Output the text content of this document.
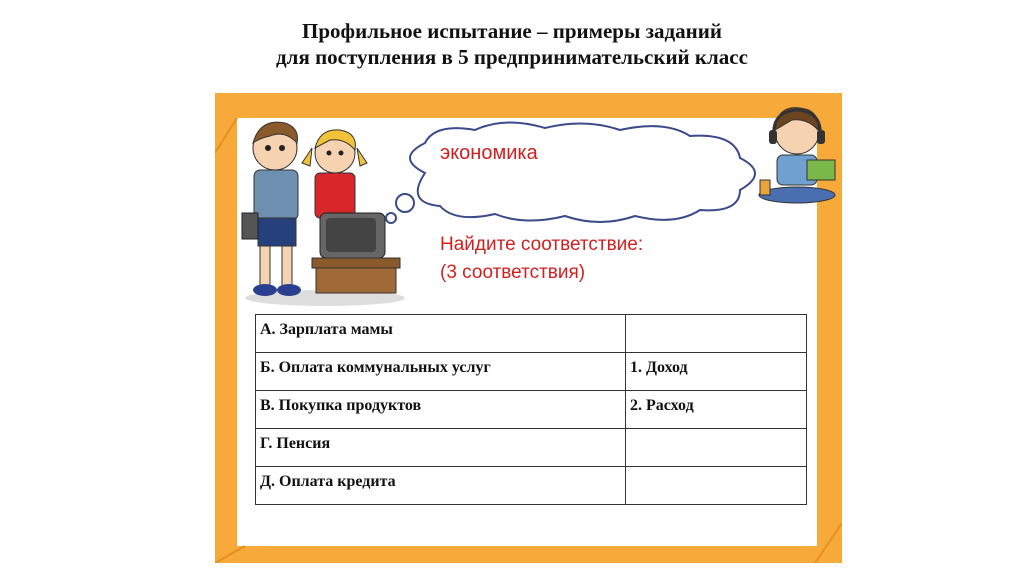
Профильное испытание – примеры заданий
для поступления в 5 предпринимательский класс
экономика
Найдите соответствие: (3 соответствия)
А. Зарплата мамы	
Б. Оплата коммунальных услуг	1. Доход
В. Покупка продуктов	2. Расход
Г. Пенсия	
Д. Оплата кредита	
